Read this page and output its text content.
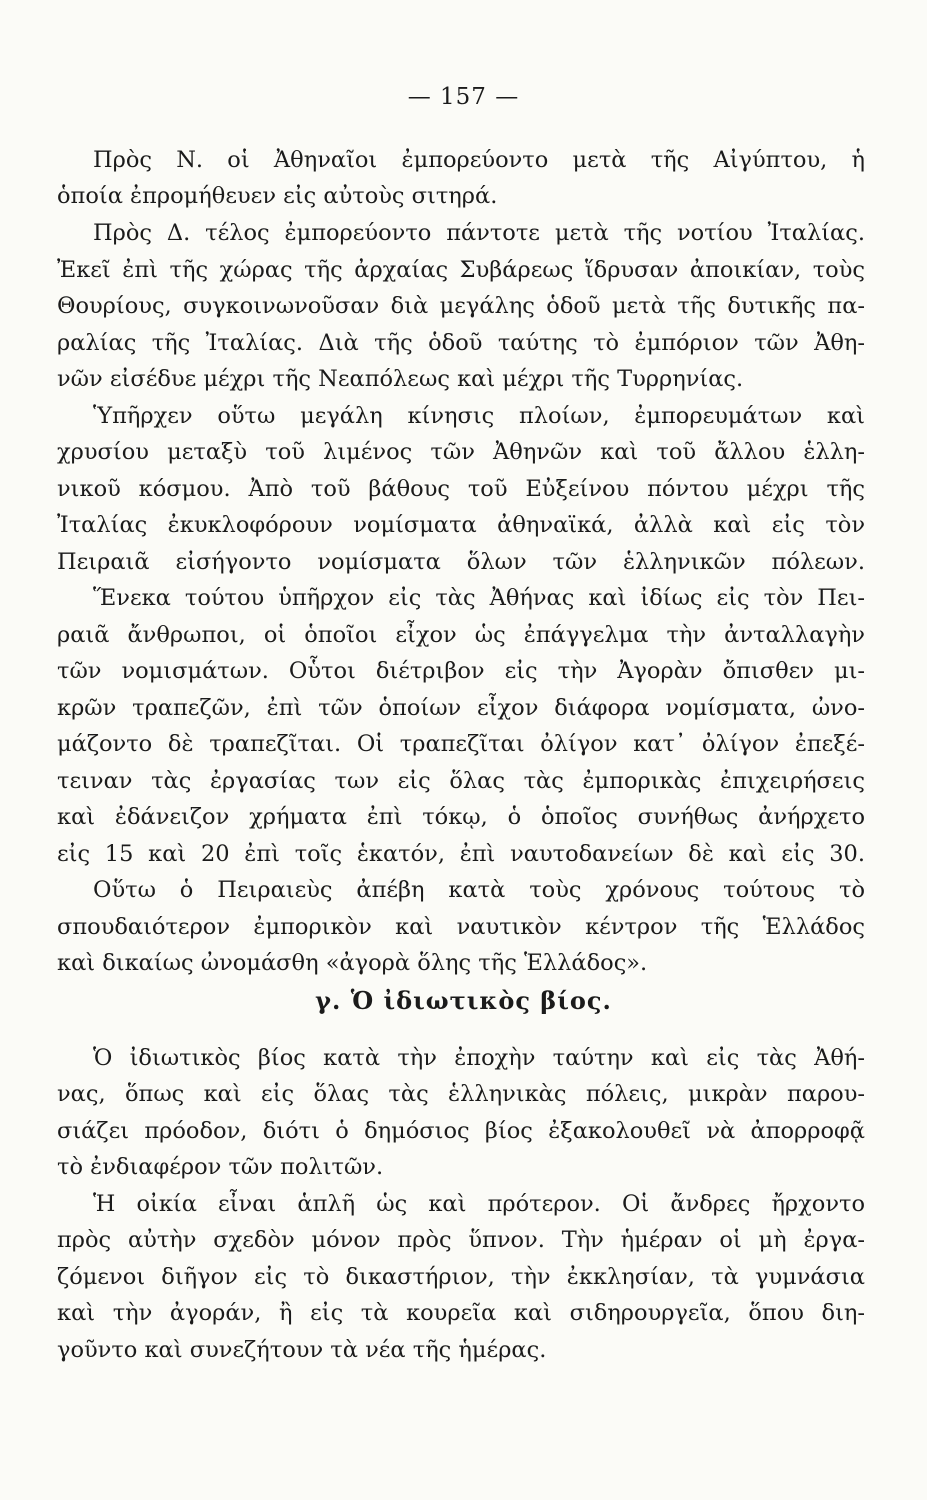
— 157 —
Πρὸς Ν. οἱ Ἀθηναῖοι ἐμπορεύοντο μετὰ τῆς Αἰγύπτου, ἡ
ὁποία ἐπρομήθευεν εἰς αὐτοὺς σιτηρά.
Πρὸς Δ. τέλος ἐμπορεύοντο πάντοτε μετὰ τῆς νοτίου Ἰταλίας.
Ἐκεῖ ἐπὶ τῆς χώρας τῆς ἀρχαίας Συβάρεως ἵδρυσαν ἀποικίαν, τοὺς
Θουρίους, συγκοινωνοῦσαν διὰ μεγάλης ὁδοῦ μετὰ τῆς δυτικῆς πα-
ραλίας τῆς Ἰταλίας. Διὰ τῆς ὁδοῦ ταύτης τὸ ἐμπόριον τῶν Ἀθη-
νῶν εἰσέδυε μέχρι τῆς Νεαπόλεως καὶ μέχρι τῆς Τυρρηνίας.
Ὑπῆρχεν οὕτω μεγάλη κίνησις πλοίων, ἐμπορευμάτων καὶ
χρυσίου μεταξὺ τοῦ λιμένος τῶν Ἀθηνῶν καὶ τοῦ ἄλλου ἑλλη-
νικοῦ κόσμου. Ἀπὸ τοῦ βάθους τοῦ Εὐξείνου πόντου μέχρι τῆς
Ἰταλίας ἐκυκλοφόρουν νομίσματα ἀθηναϊκά, ἀλλὰ καὶ εἰς τὸν
Πειραιᾶ εἰσήγοντο νομίσματα ὅλων τῶν ἑλληνικῶν πόλεων.
Ἕνεκα τούτου ὑπῆρχον εἰς τὰς Ἀθήνας καὶ ἰδίως εἰς τὸν Πει-
ραιᾶ ἄνθρωποι, οἱ ὁποῖοι εἶχον ὡς ἐπάγγελμα τὴν ἀνταλλαγὴν
τῶν νομισμάτων. Οὗτοι διέτριβον εἰς τὴν Ἀγορὰν ὄπισθεν μι-
κρῶν τραπεζῶν, ἐπὶ τῶν ὁποίων εἶχον διάφορα νομίσματα, ὠνο-
μάζοντο δὲ τραπεζῖται. Οἱ τραπεζῖται ὀλίγον κατ᾽ ὀλίγον ἐπεξέ-
τειναν τὰς ἐργασίας των εἰς ὅλας τὰς ἐμπορικὰς ἐπιχειρήσεις
καὶ ἐδάνειζον χρήματα ἐπὶ τόκῳ, ὁ ὁποῖος συνήθως ἀνήρχετο
εἰς 15 καὶ 20 ἐπὶ τοῖς ἑκατόν, ἐπὶ ναυτοδανείων δὲ καὶ εἰς 30.
Οὕτω ὁ Πειραιεὺς ἀπέβη κατὰ τοὺς χρόνους τούτους τὸ
σπουδαιότερον ἐμπορικὸν καὶ ναυτικὸν κέντρον τῆς Ἑλλάδος
καὶ δικαίως ὠνομάσθη «ἀγορὰ ὅλης τῆς Ἑλλάδος».
γ. Ὁ ἰδιωτικὸς βίος.
Ὁ ἰδιωτικὸς βίος κατὰ τὴν ἐποχὴν ταύτην καὶ εἰς τὰς Ἀθή-
νας, ὅπως καὶ εἰς ὅλας τὰς ἑλληνικὰς πόλεις, μικρὰν παρου-
σιάζει πρόοδον, διότι ὁ δημόσιος βίος ἐξακολουθεῖ νὰ ἀπορροφᾷ
τὸ ἐνδιαφέρον τῶν πολιτῶν.
Ἡ οἰκία εἶναι ἁπλῆ ὡς καὶ πρότερον. Οἱ ἄνδρες ἤρχοντο
πρὸς αὐτὴν σχεδὸν μόνον πρὸς ὕπνον. Τὴν ἡμέραν οἱ μὴ ἐργα-
ζόμενοι διῆγον εἰς τὸ δικαστήριον, τὴν ἐκκλησίαν, τὰ γυμνάσια
καὶ τὴν ἀγοράν, ἢ εἰς τὰ κουρεῖα καὶ σιδηρουργεῖα, ὅπου διη-
γοῦντο καὶ συνεζήτουν τὰ νέα τῆς ἡμέρας.
